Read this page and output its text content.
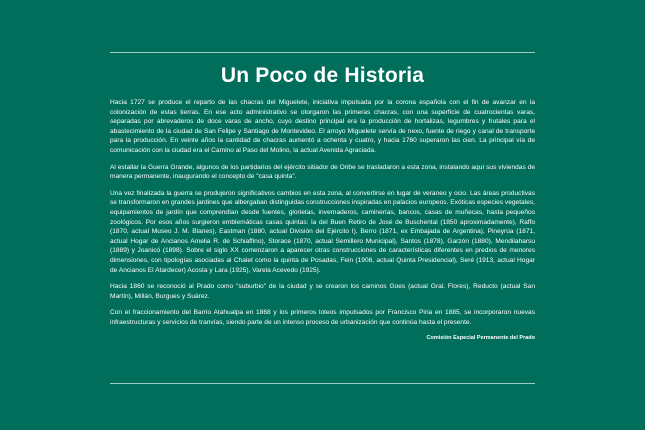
Un Poco de Historia

Hacia 1727 se produce el reparto de las chacras del Miguelete, iniciativa impulsada por la corona española con el fin de avanzar en la colonización de estas tierras. En ese acto administrativo se otorgaron las primeras chacras, con una superficie de cuatrocientas varas, separadas por abrevaderos de doce varas de ancho, cuyo destino principal era la producción de hortalizas, legumbres y frutales para el abastecimiento de la ciudad de San Felipe y Santiago de Montevideo. El arroyo Miguelete servía de nexo, fuente de riego y canal de transporte para la producción. En veinte años la cantidad de chacras aumentó a ochenta y cuatro, y hacia 1760 superaron las cien. La principal vía de comunicación con la ciudad era el Camino al Paso del Molino, la actual Avenida Agraciada.

Al estallar la Guerra Grande, algunos de los partidarios del ejército sitiador de Oribe se trasladaron a esta zona, instalando aquí sus viviendas de manera permanente, inaugurando el concepto de "casa quinta".

Una vez finalizada la guerra se produjeron significativos cambios en esta zona, al convertirse en lugar de veraneo y ocio. Las áreas productivas se transformaron en grandes jardines que albergaban distinguidas construcciones inspiradas en palacios europeos. Exóticas especies vegetales, equipamientos de jardín que comprendían desde fuentes, glorietas, invernaderos, caminerías, bancos, casas de muñecas, hasta pequeños zoológicos. Por esos años surgieron emblemáticas casas quintas: la del Buen Retiro de José de Buschental (1850 aproximadamente), Raffo (1870, actual Museo J. M. Blanes), Eastman (1880, actual División del Ejército I), Berro (1871, ex Embajada de Argentina), Pineyrúa (1871, actual Hogar de Ancianos Amelia R. de Schiaffino), Storace (1870, actual Semillero Municipal), Santos (1878), Garzón (1880), Mendilaharsu (1889) y Joanicó (1898). Sobre el siglo XX comenzaron a aparecer otras construcciones de características diferentes en predios de menores dimensiones, con tipologías asociadas al Chalet como la quinta de Posadas, Fein (1908, actual Quinta Presidencial), Seré (1913, actual Hogar de Ancianos El Atardecer) Acosta y Lara (1925), Varela Acevedo (1925).

Hacia 1860 se reconoció al Prado como "suburbio" de la ciudad y se crearon los caminos Goes (actual Gral. Flores), Reducto (actual San Martín), Millán, Burgues y Suárez.

Con el fraccionamiento del Barrio Atahualpa en 1868 y los primeros loteos impulsados por Francisco Piria en 1885, se incorporaron nuevas infraestructuras y servicios de tranvías, siendo parte de un intenso proceso de urbanización que continúa hasta el presente.

Comisión Especial Permanente del Prado
